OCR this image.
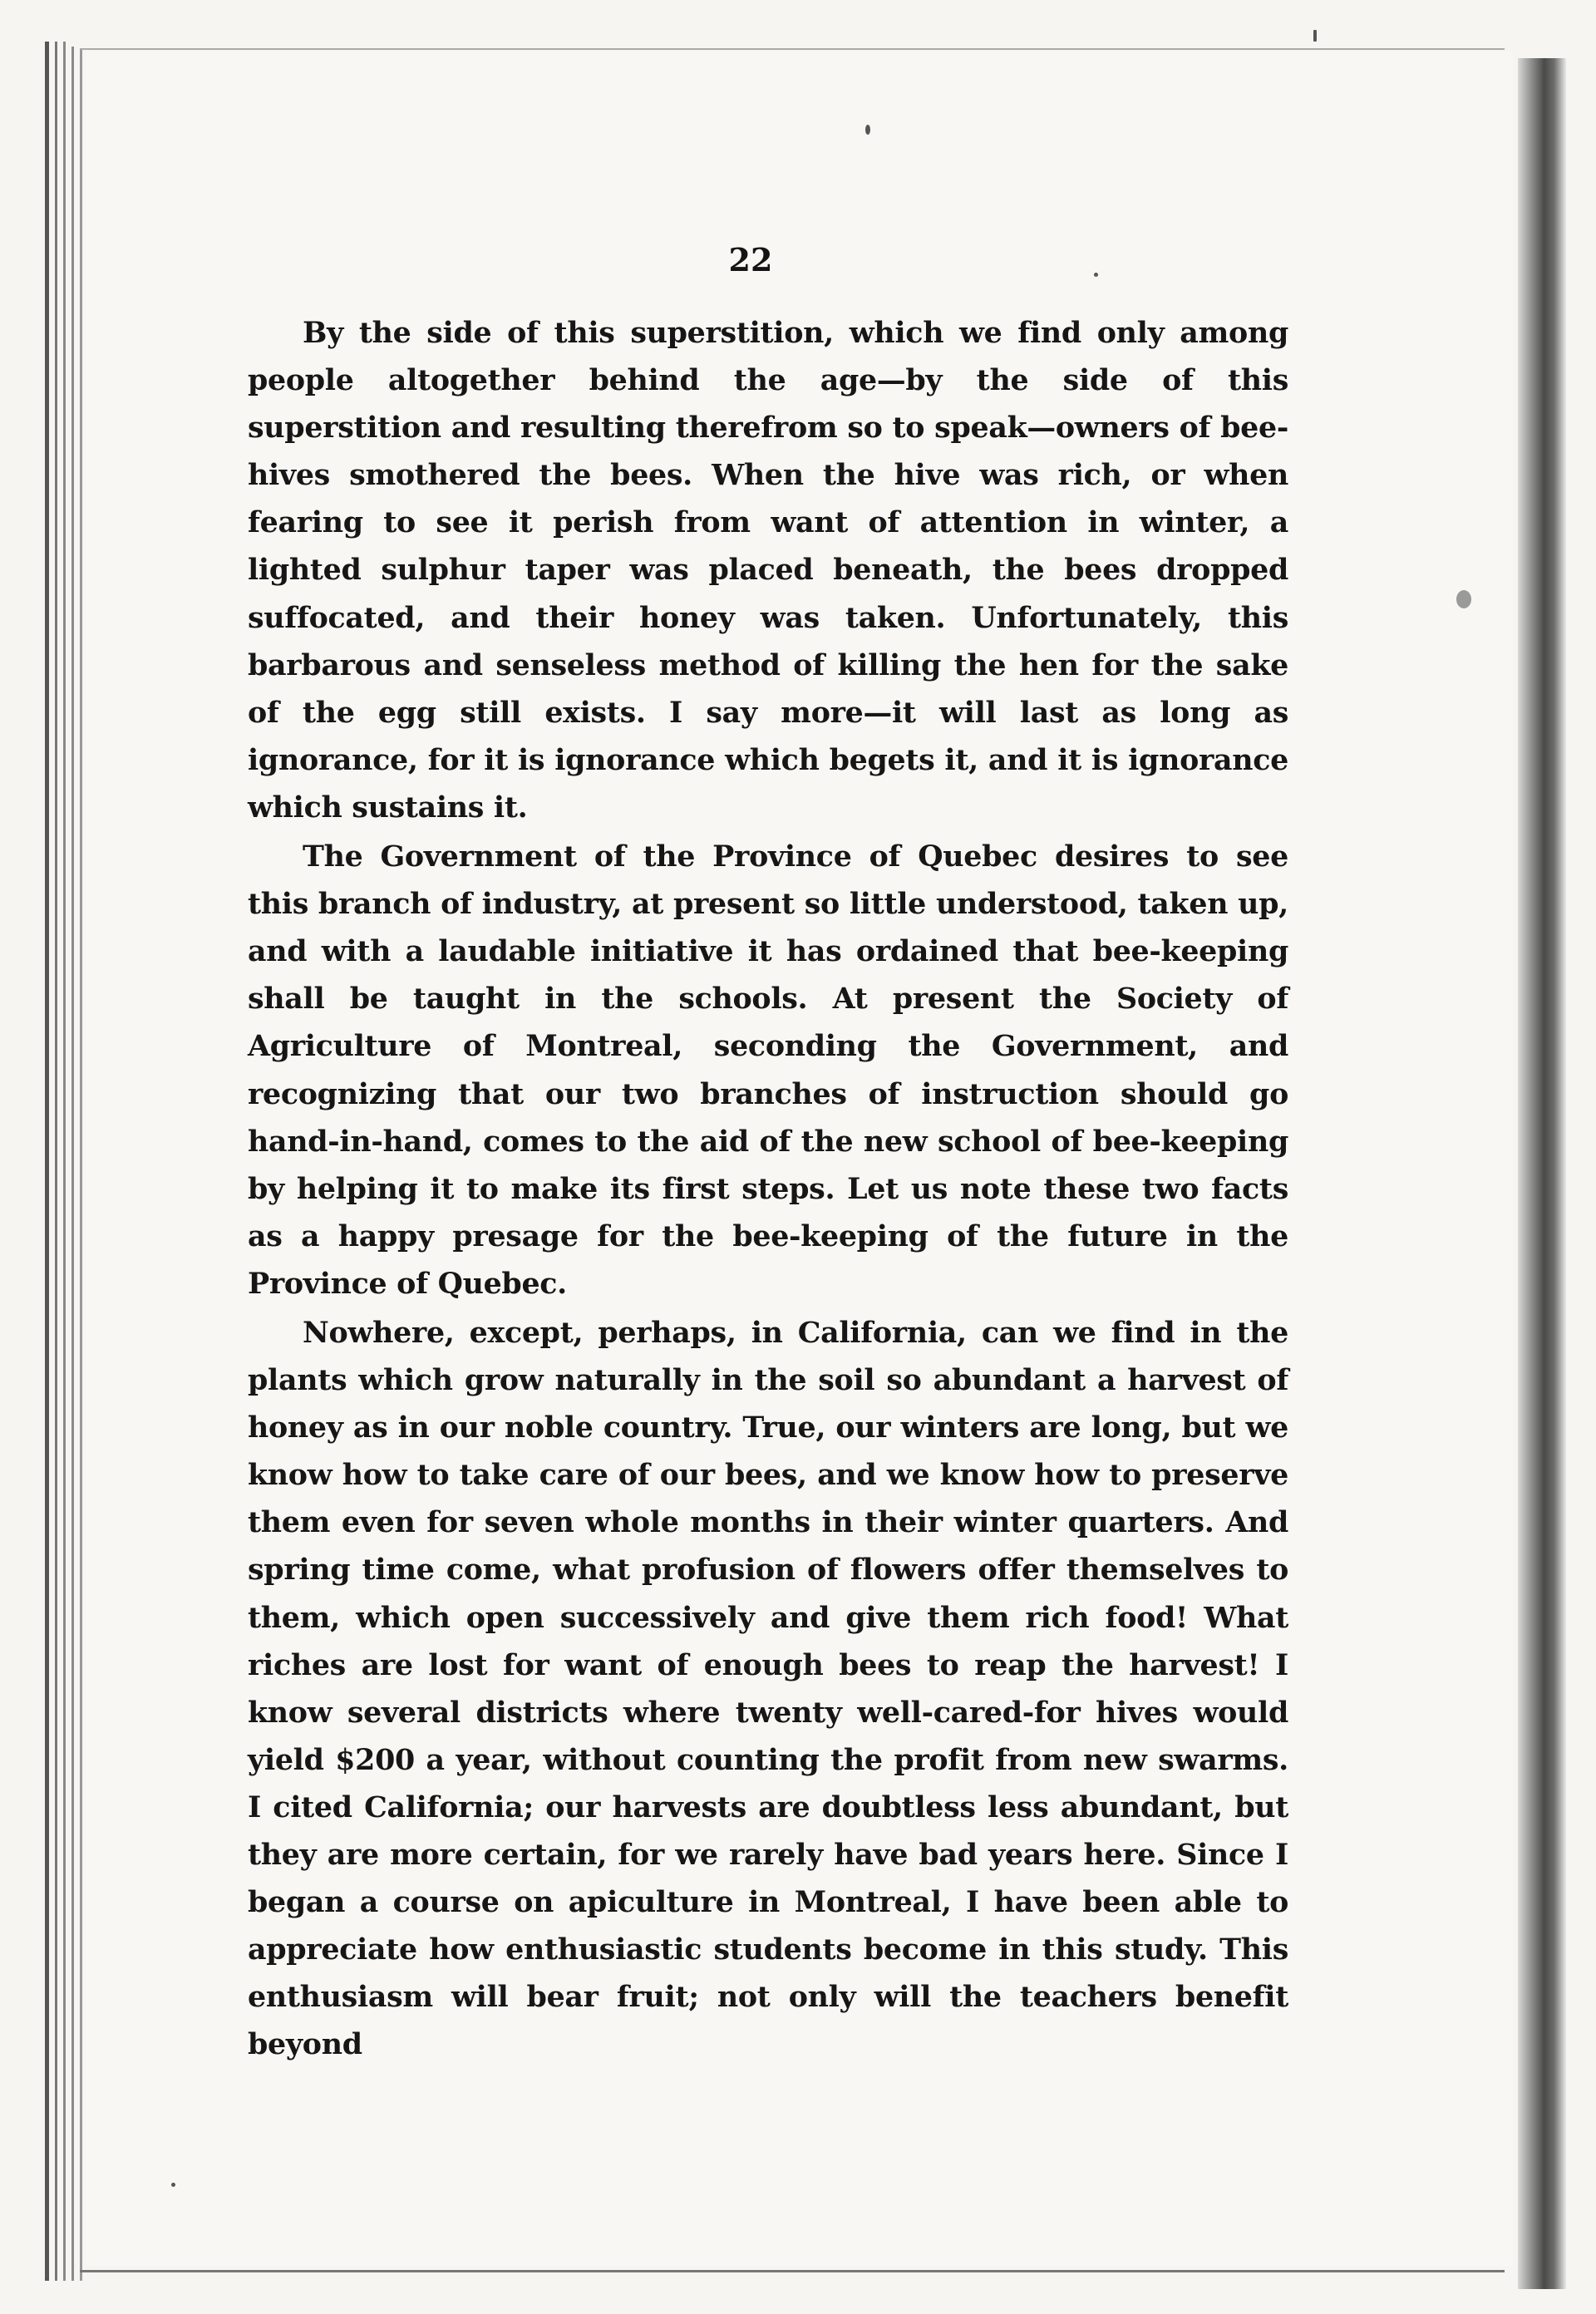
22

By the side of this superstition, which we find only among people altogether behind the age—by the side of this superstition and resulting therefrom so to speak—owners of bee-hives smothered the bees. When the hive was rich, or when fearing to see it perish from want of attention in winter, a lighted sulphur taper was placed beneath, the bees dropped suffocated, and their honey was taken. Unfortunately, this barbarous and senseless method of killing the hen for the sake of the egg still exists. I say more—it will last as long as ignorance, for it is ignorance which begets it, and it is ignorance which sustains it.

The Government of the Province of Quebec desires to see this branch of industry, at present so little understood, taken up, and with a laudable initiative it has ordained that bee-keeping shall be taught in the schools. At present the Society of Agriculture of Montreal, seconding the Government, and recognizing that our two branches of instruction should go hand-in-hand, comes to the aid of the new school of bee-keeping by helping it to make its first steps. Let us note these two facts as a happy presage for the bee-keeping of the future in the Province of Quebec.

Nowhere, except, perhaps, in California, can we find in the plants which grow naturally in the soil so abundant a harvest of honey as in our noble country. True, our winters are long, but we know how to take care of our bees, and we know how to preserve them even for seven whole months in their winter quarters. And spring time come, what profusion of flowers offer themselves to them, which open successively and give them rich food! What riches are lost for want of enough bees to reap the harvest! I know several districts where twenty well-cared-for hives would yield $200 a year, without counting the profit from new swarms. I cited California; our harvests are doubtless less abundant, but they are more certain, for we rarely have bad years here. Since I began a course on apiculture in Montreal, I have been able to appreciate how enthusiastic students become in this study. This enthusiasm will bear fruit; not only will the teachers benefit beyond
